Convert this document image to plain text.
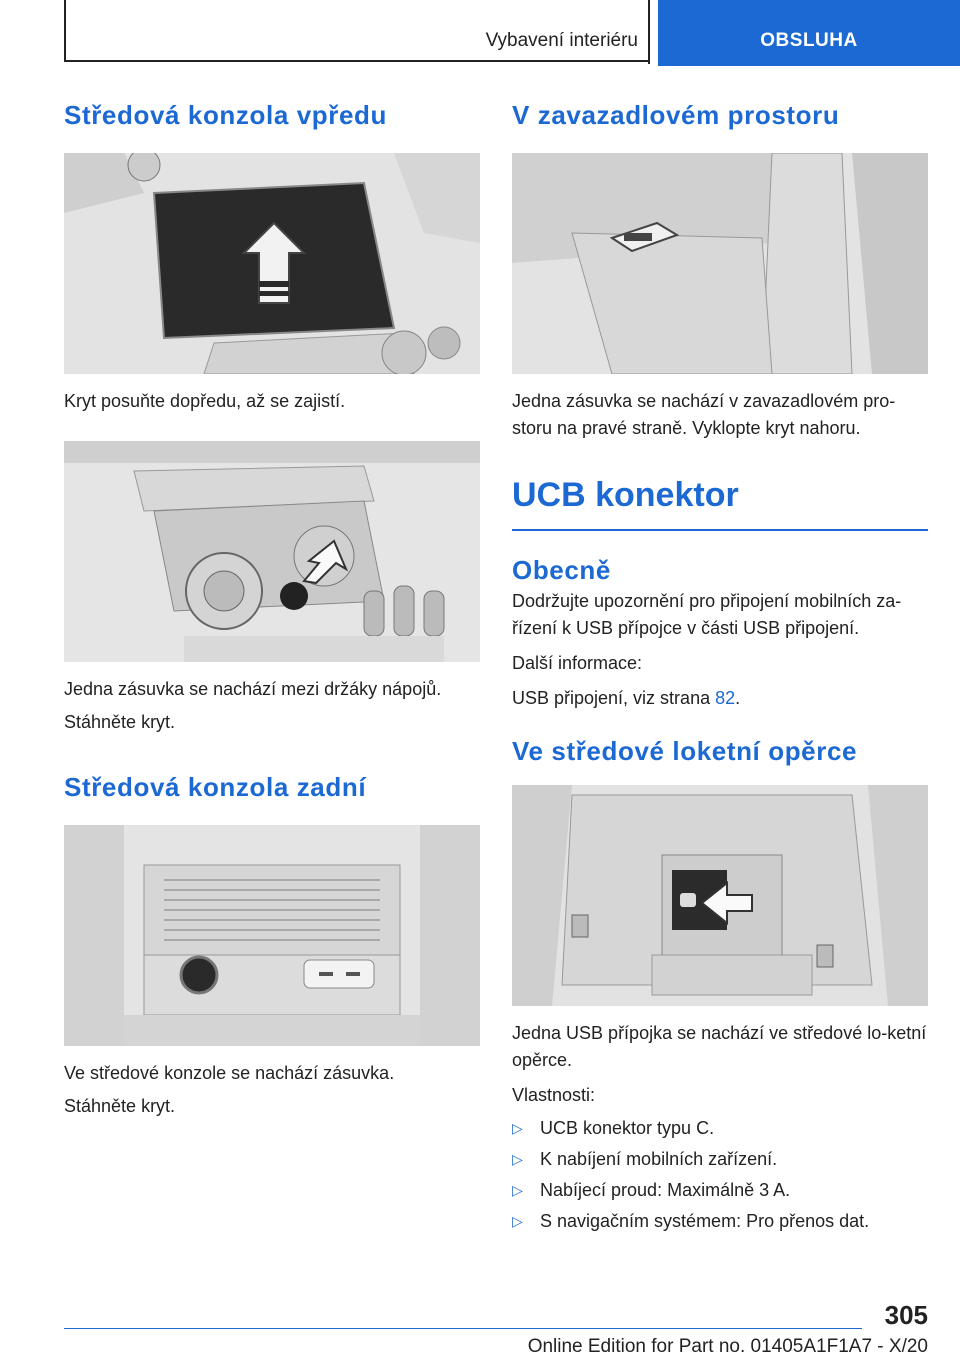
Vybavení interiéru	OBSLUHA
Středová konzola vpředu

Kryt posuňte dopředu, až se zajistí.

Jedna zásuvka se nachází mezi držáky nápojů.

Stáhněte kryt.

Středová konzola zadní

Ve středové konzole se nachází zásuvka.

Stáhněte kryt.

V zavazadlovém prostoru

Jedna zásuvka se nachází v zavazadlovém pro‐storu na pravé straně. Vyklopte kryt nahoru.

UCB konektor
Obecně

Dodržujte upozornění pro připojení mobilních za‐řízení k USB přípojce v části USB připojení.

Další informace:

USB připojení, viz strana 82.

Ve středové loketní opěrce

Jedna USB přípojka se nachází ve středové lo‐ketní opěrce.

Vlastnosti:

▷ UCB konektor typu C.
▷ K nabíjení mobilních zařízení.
▷ Nabíjecí proud: Maximálně 3 A.
▷ S navigačním systémem: Pro přenos dat.
305
Online Edition for Part no. 01405A1F1A7 - X/20
